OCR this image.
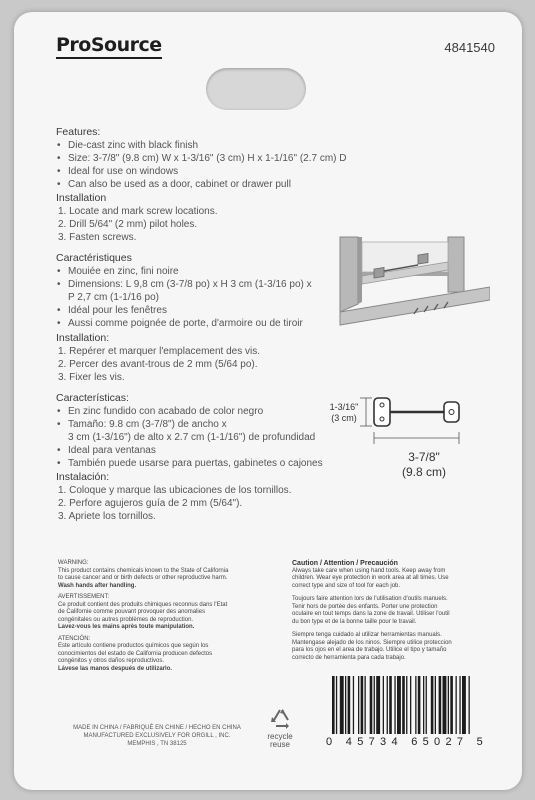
ProSource	4841540
Features:
• Die-cast zinc with black finish
• Size: 3-7/8" (9.8 cm) W x 1-3/16" (3 cm) H x 1-1/16" (2.7 cm) D
• Ideal for use on windows
• Can also be used as a door, cabinet or drawer pull
Installation
1. Locate and mark screw locations.
2. Drill 5/64" (2 mm) pilot holes.
3. Fasten screws.
Caractéristiques
• Mouiée en zinc, fini noire
• Dimensions: L 9,8 cm (3-7/8 po) x H 3 cm (1-3/16 po) x
P 2,7 cm (1-1/16 po)
• Idéal pour les fenêtres
• Aussi comme poignée de porte, d'armoire ou de tiroir
Installation:
1. Repérer et marquer l'emplacement des vis.
2. Percer des avant-trous de 2 mm (5/64 po).
3. Fixer les vis.
Características:
• En zinc fundido con acabado de color negro
• Tamaño: 9.8 cm (3-7/8") de ancho x
3 cm (1-3/16") de alto x 2.7 cm (1-1/16") de profundidad
• Ideal para ventanas
• También puede usarse para puertas, gabinetes o cajones
Instalación:
1. Coloque y marque las ubicaciones de los tornillos.
2. Perfore agujeros guía de 2 mm (5/64").
3. Apriete los tornillos.
1-3/16"
(3 cm)
3-7/8"
(9.8 cm)
WARNING:
This product contains chemicals known to the State of California
to cause cancer and or birth defects or other reproductive harm.
Wash hands after handling.
AVERTISSEMENT:
Ce produit contient des produits chimiques reconnus dans l'Etat
de Californie comme pouvant provoquer des anomalies
congénitales ou autres problèmes de reproduction.
Lavez-vous les mains après toute manipulation.
ATENCIÓN:
Este artículo contiene productos químicos que según los
conocimientos del estado de California producen defectos
congénitos y otros daños reproductivos.
Lávese las manos después de utilizarlo.
Caution / Attention / Precaución
Always take care when using hand tools. Keep away from
children. Wear eye protection in work area at all times. Use
correct type and size of tool for each job.
Toujours faire attention lors de l'utilisation d'outils manuels.
Tenir hors de portée des enfants. Porter une protection
oculaire en tout temps dans la zone de travail. Utiliser l'outil
du bon type et de la bonne taille pour le travail.
Siempre tenga cuidado al utilizar herramientas manuals.
Mantengase alejado de los ninos. Siempre utilice proteccion
para los ojos en el area de trabajo. Utilice el tipo y tamaño
correcto de herramienta para cada trabajo.
MADE IN CHINA / FABRIQUÉ EN CHINE / HECHO EN CHINA
MANUFACTURED EXCLUSIVELY FOR ORGILL , INC.
MEMPHIS , TN 38125
recycle
reuse	0 45734 65027 5
